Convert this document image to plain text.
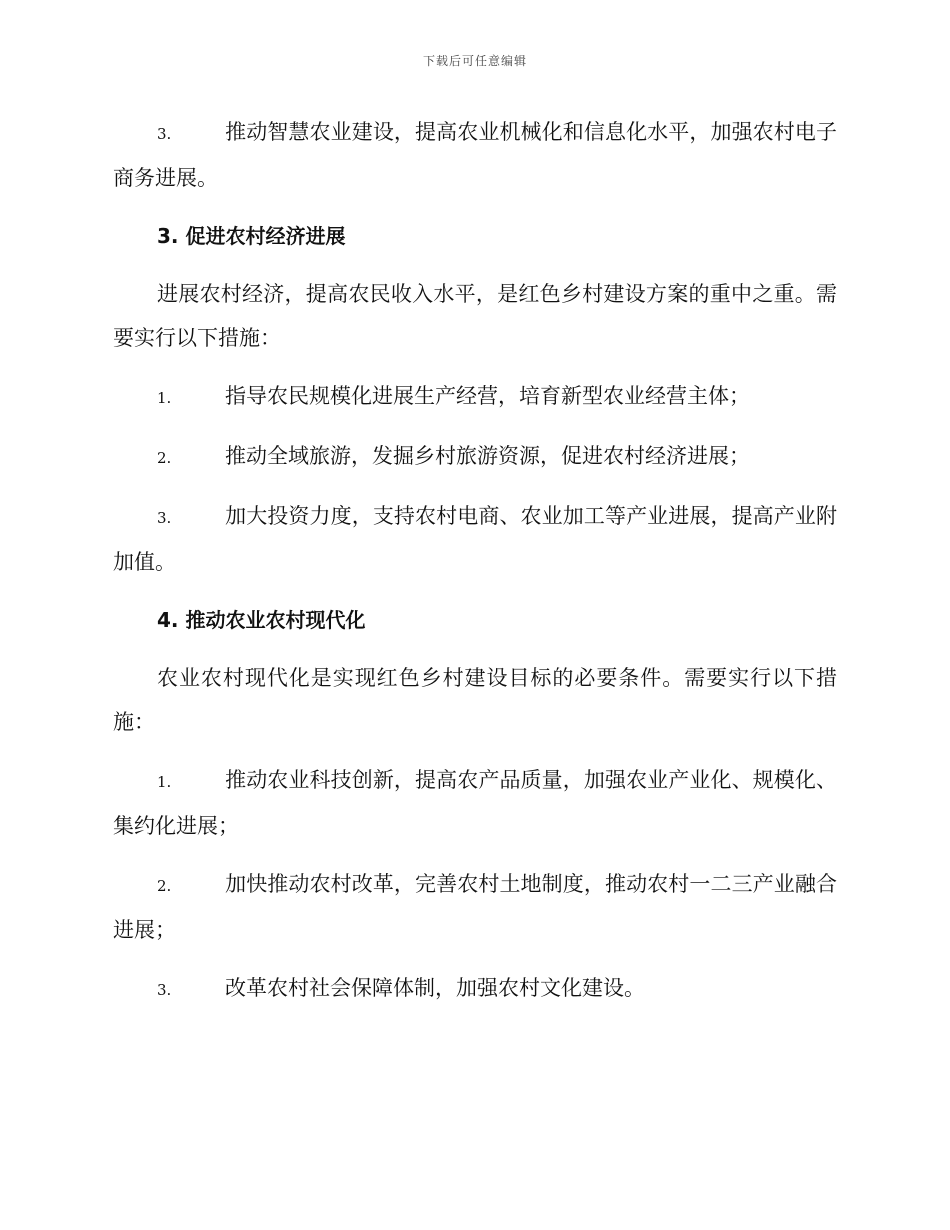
下载后可任意编辑

3.	推动智慧农业建设，提高农业机械化和信息化水平，加强农村电子商务进展。

3. 促进农村经济进展

进展农村经济，提高农民收入水平，是红色乡村建设方案的重中之重。需要实行以下措施：

1.	指导农民规模化进展生产经营，培育新型农业经营主体；

2.	推动全域旅游，发掘乡村旅游资源，促进农村经济进展；

3.	加大投资力度，支持农村电商、农业加工等产业进展，提高产业附加值。

4. 推动农业农村现代化

农业农村现代化是实现红色乡村建设目标的必要条件。需要实行以下措施：

1.	推动农业科技创新，提高农产品质量，加强农业产业化、规模化、集约化进展；

2.	加快推动农村改革，完善农村土地制度，推动农村一二三产业融合进展；

3.	改革农村社会保障体制，加强农村文化建设。
